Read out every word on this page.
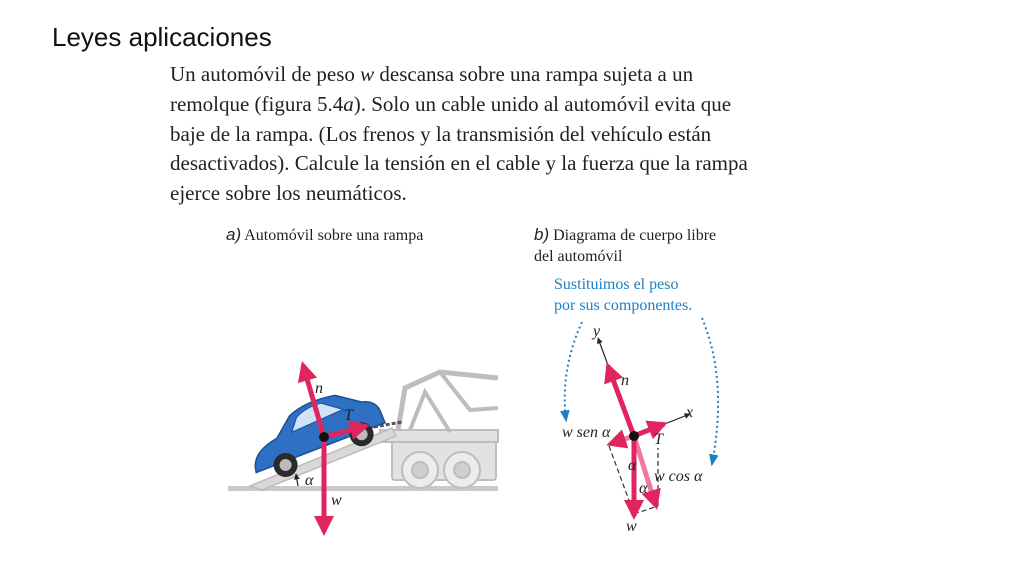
Leyes aplicaciones
Un automóvil de peso w descansa sobre una rampa sujeta a un
remolque (figura 5.4a). Solo un cable unido al automóvil evita que
baje de la rampa. (Los frenos y la transmisión del vehículo están
desactivados). Calcule la tensión en el cable y la fuerza que la rampa
ejerce sobre los neumáticos.
a) Automóvil sobre una rampa	b) Diagrama de cuerpo libre
del automóvil
Sustituimos el peso
por sus componentes.
n
T
w
α
y
x
n
T
w
w sen α
w cos α
α
α
